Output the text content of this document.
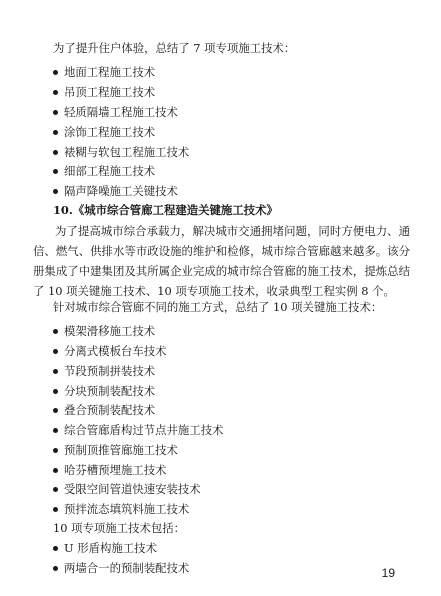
为了提升住户体验，总结了 7 项专项施工技术：
地面工程施工技术
吊顶工程施工技术
轻质隔墙工程施工技术
涂饰工程施工技术
裱糊与软包工程施工技术
细部工程施工技术
隔声降噪施工关键技术
10.《城市综合管廊工程建造关键施工技术》
为了提高城市综合承载力，解决城市交通拥堵问题，同时方便电力、通信、燃气、供排水等市政设施的维护和检修，城市综合管廊越来越多。该分册集成了中建集团及其所属企业完成的城市综合管廊的施工技术，提炼总结了 10 项关键施工技术、10 项专项施工技术，收录典型工程实例 8 个。
针对城市综合管廊不同的施工方式，总结了 10 项关键施工技术：
模架滑移施工技术
分离式模板台车技术
节段预制拼装技术
分块预制装配技术
叠合预制装配技术
综合管廊盾构过节点井施工技术
预制顶推管廊施工技术
哈芬槽预埋施工技术
受限空间管道快速安装技术
预拌流态填筑料施工技术
10 项专项施工技术包括：
U 形盾构施工技术
两墙合一的预制装配技术	19
